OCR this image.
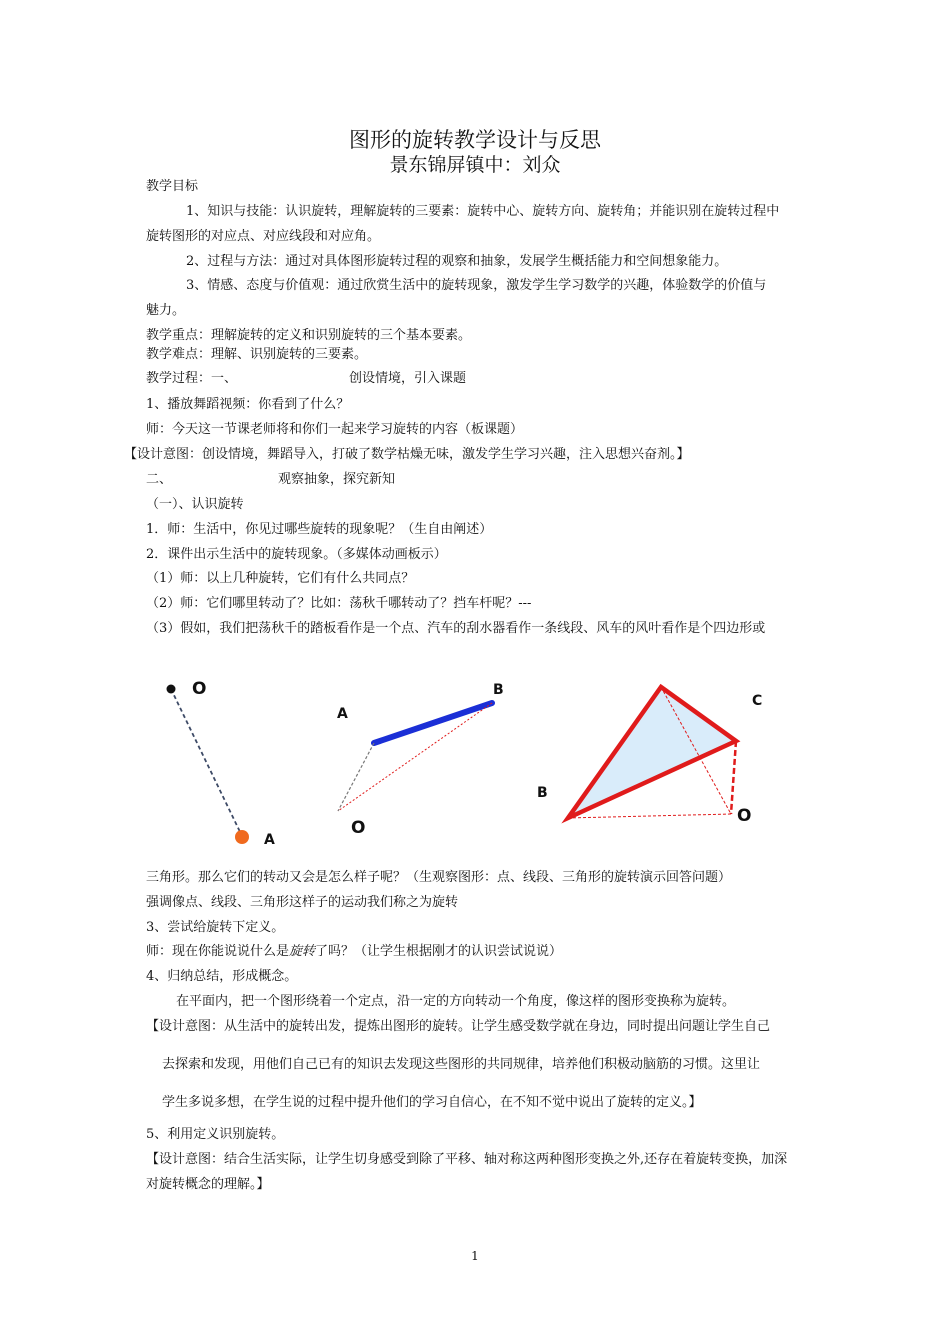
图形的旋转教学设计与反思
景东锦屏镇中：刘众
教学目标
1、知识与技能：认识旋转，理解旋转的三要素：旋转中心、旋转方向、旋转角；并能识别在旋转过程中
旋转图形的对应点、对应线段和对应角。
2、过程与方法：通过对具体图形旋转过程的观察和抽象，发展学生概括能力和空间想象能力。
3、情感、态度与价值观：通过欣赏生活中的旋转现象，激发学生学习数学的兴趣，体验数学的价值与
魅力。
教学重点：理解旋转的定义和识别旋转的三个基本要素。
教学难点：理解、识别旋转的三要素。
教学过程：一、	创设情境，引入课题
1、播放舞蹈视频：你看到了什么？
师：今天这一节课老师将和你们一起来学习旋转的内容（板课题）
【设计意图：创设情境，舞蹈导入，打破了数学枯燥无味，激发学生学习兴趣，注入思想兴奋剂。】
二、	观察抽象，探究新知
（一）、认识旋转
1．师：生活中，你见过哪些旋转的现象呢？（生自由阐述）
2．课件出示生活中的旋转现象。（多媒体动画板示）
（1）师：以上几种旋转，它们有什么共同点？
（2）师：它们哪里转动了？比如：荡秋千哪转动了？挡车杆呢？---
（3）假如，我们把荡秋千的踏板看作是一个点、汽车的刮水器看作一条线段、风车的风叶看作是个四边形或
O
A
A
B
O
C
B
O
三角形。那么它们的转动又会是怎么样子呢？（生观察图形：点、线段、三角形的旋转演示回答问题）
强调像点、线段、三角形这样子的运动我们称之为旋转
3、尝试给旋转下定义。
师：现在你能说说什么是旋转了吗？（让学生根据刚才的认识尝试说说）
4、归纳总结，形成概念。
在平面内，把一个图形绕着一个定点，沿一定的方向转动一个角度，像这样的图形变换称为旋转。
【设计意图：从生活中的旋转出发，提炼出图形的旋转。让学生感受数学就在身边，同时提出问题让学生自己
去探索和发现，用他们自己已有的知识去发现这些图形的共同规律，培养他们积极动脑筋的习惯。这里让
学生多说多想，在学生说的过程中提升他们的学习自信心，在不知不觉中说出了旋转的定义。】
5、利用定义识别旋转。
【设计意图：结合生活实际，让学生切身感受到除了平移、轴对称这两种图形变换之外,还存在着旋转变换，加深
对旋转概念的理解。】
1
